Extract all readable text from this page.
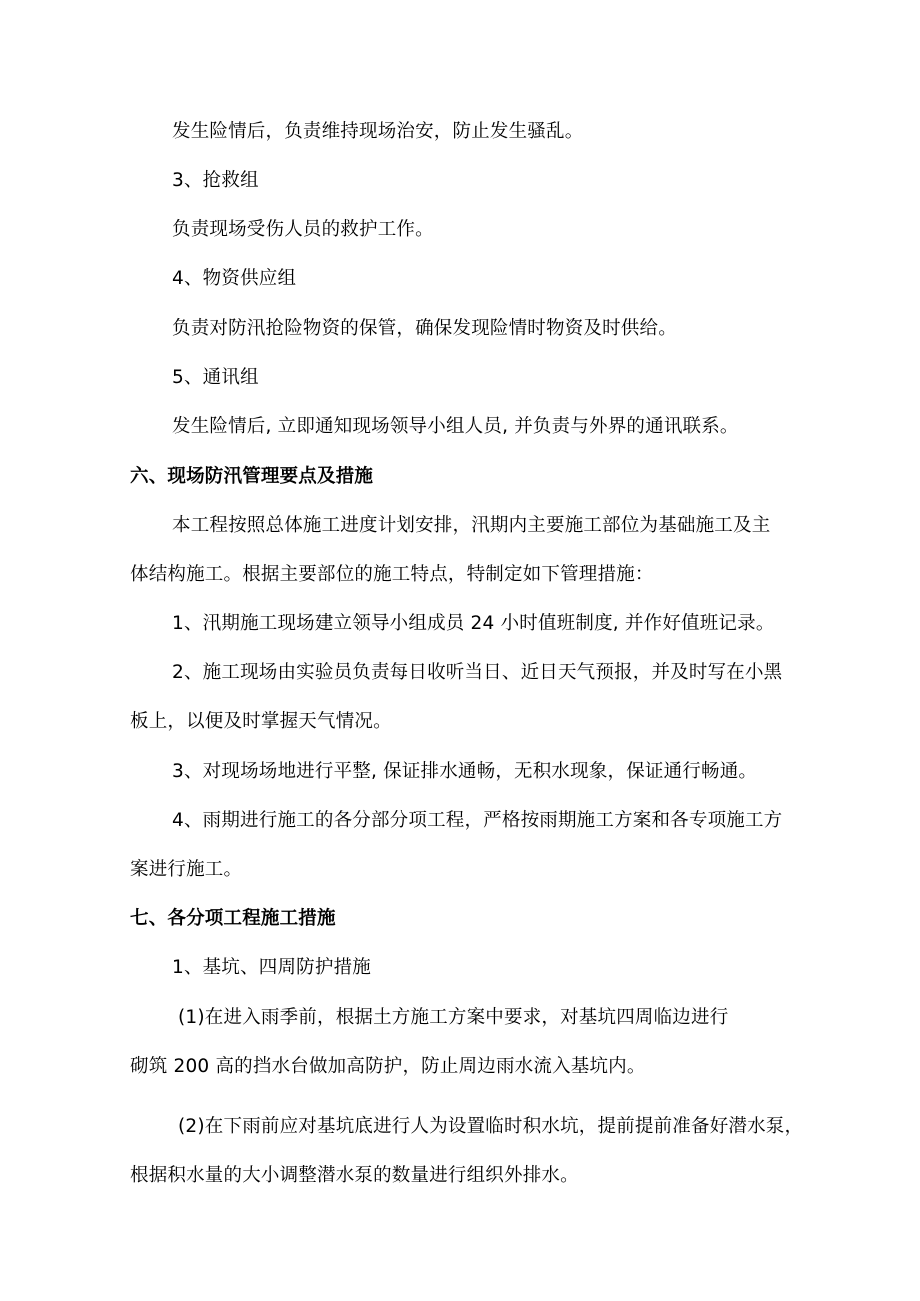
发生险情后，负责维持现场治安，防止发生骚乱。
3、抢救组
负责现场受伤人员的救护工作。
4、物资供应组
负责对防汛抢险物资的保管，确保发现险情时物资及时供给。
5、通讯组
发生险情后, 立即通知现场领导小组人员, 并负责与外界的通讯联系。
六、现场防汛管理要点及措施
本工程按照总体施工进度计划安排，汛期内主要施工部位为基础施工及主
体结构施工。根据主要部位的施工特点，特制定如下管理措施：
1、汛期施工现场建立领导小组成员 24 小时值班制度, 并作好值班记录。
2、施工现场由实验员负责每日收听当日、近日天气预报，并及时写在小黑
板上，以便及时掌握天气情况。
3、对现场场地进行平整, 保证排水通畅，无积水现象，保证通行畅通。
4、雨期进行施工的各分部分项工程，严格按雨期施工方案和各专项施工方
案进行施工。
七、各分项工程施工措施
1、基坑、四周防护措施
(1)在进入雨季前，根据土方施工方案中要求，对基坑四周临边进行
砌筑 200 高的挡水台做加高防护，防止周边雨水流入基坑内。
(2)在下雨前应对基坑底进行人为设置临时积水坑，提前提前准备好潜水泵，
根据积水量的大小调整潜水泵的数量进行组织外排水。
